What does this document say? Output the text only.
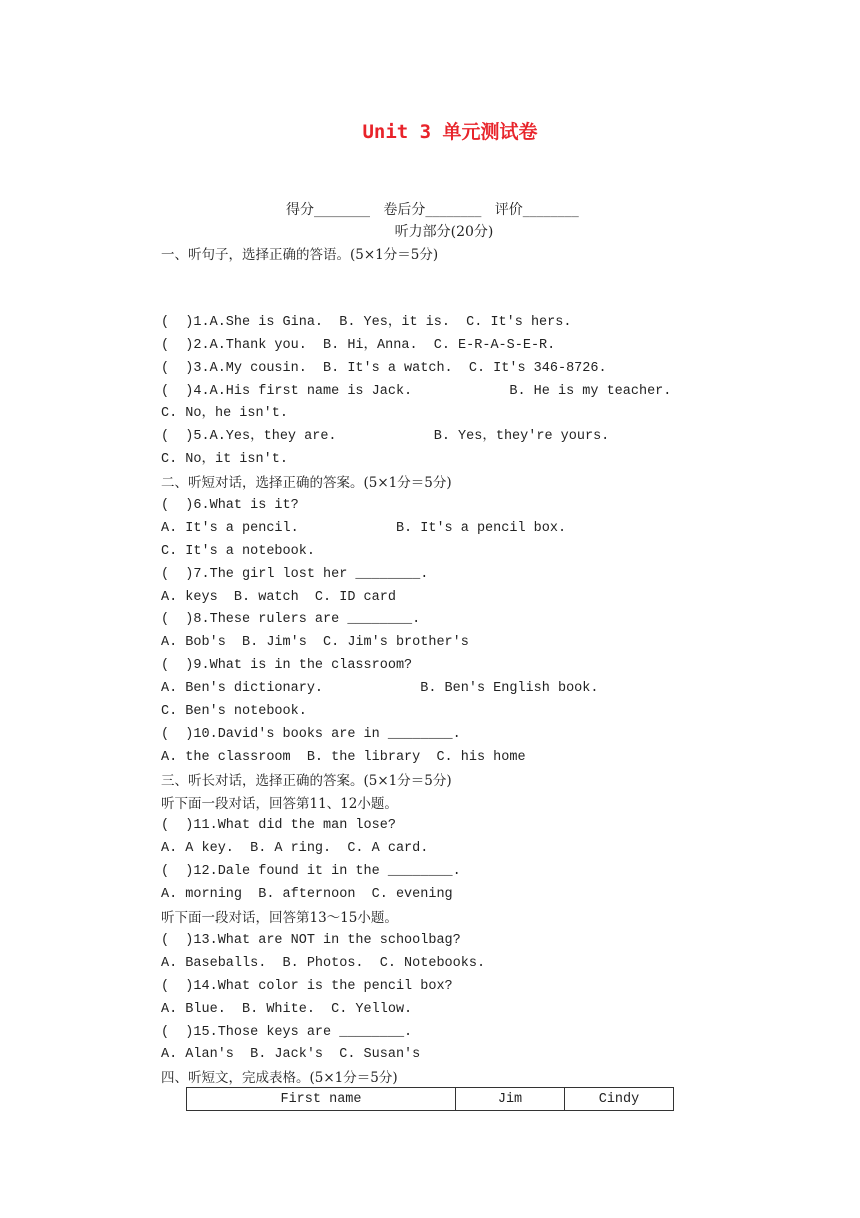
Unit 3 单元测试卷
得分________ 卷后分________ 评价________
听力部分(20分)
一、听句子，选择正确的答语。(5×1分＝5分)
(  )1.A.She is Gina.  B. Yes，it is.  C. It's hers.
(  )2.A.Thank you.  B. Hi，Anna.  C. E-R-A-S-E-R.
(  )3.A.My cousin.  B. It's a watch.  C. It's 346-8726.
(  )4.A.His first name is Jack.            B. He is my teacher.
C. No，he isn't.
(  )5.A.Yes，they are.            B. Yes，they're yours.
C. No，it isn't.
二、听短对话，选择正确的答案。(5×1分＝5分)
(  )6.What is it?
A. It's a pencil.            B. It's a pencil box.
C. It's a notebook.
(  )7.The girl lost her ________.
A. keys  B. watch  C. ID card
(  )8.These rulers are ________.
A. Bob's  B. Jim's  C. Jim's brother's
(  )9.What is in the classroom?
A. Ben's dictionary.            B. Ben's English book.
C. Ben's notebook.
(  )10.David's books are in ________.
A. the classroom  B. the library  C. his home
三、听长对话，选择正确的答案。(5×1分＝5分)
听下面一段对话，回答第11、12小题。
(  )11.What did the man lose?
A. A key.  B. A ring.  C. A card.
(  )12.Dale found it in the ________.
A. morning  B. afternoon  C. evening
听下面一段对话，回答第13～15小题。
(  )13.What are NOT in the schoolbag?
A. Baseballs.  B. Photos.  C. Notebooks.
(  )14.What color is the pencil box?
A. Blue.  B. White.  C. Yellow.
(  )15.Those keys are ________.
A. Alan's  B. Jack's  C. Susan's
四、听短文，完成表格。(5×1分＝5分)
First name	Jim	Cindy
